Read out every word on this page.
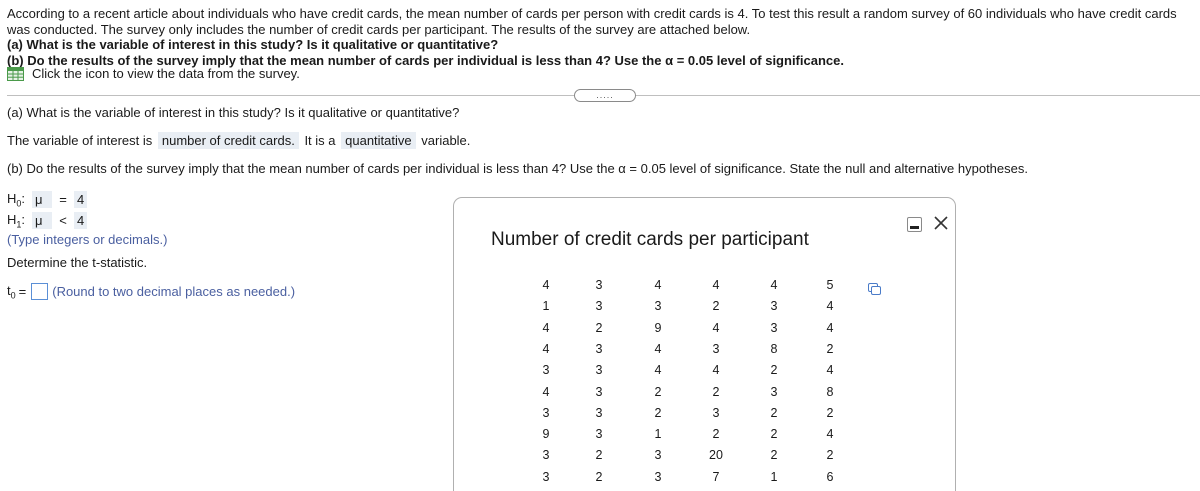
According to a recent article about individuals who have credit cards, the mean number of cards per person with credit cards is 4. To test this result a random survey of 60 individuals who have credit cards was conducted. The survey only includes the number of credit cards per participant. The results of the survey are attached below.
(a) What is the variable of interest in this study? Is it qualitative or quantitative?
(b) Do the results of the survey imply that the mean number of cards per individual is less than 4? Use the α = 0.05 level of significance.
Click the icon to view the data from the survey.
.....
(a) What is the variable of interest in this study? Is it qualitative or quantitative?
The variable of interest is number of credit cards. It is a quantitative variable.
(b) Do the results of the survey imply that the mean number of cards per individual is less than 4? Use the α = 0.05 level of significance. State the null and alternative hypotheses.
$H_0$: μ	= 4
$H_1$: μ	< 4
(Type integers or decimals.)
Determine the t-statistic.
$t_0$ = (Round to two decimal places as needed.)
Number of credit cards per participant
4
1
4
4
3
4
3
9
3
3
3
3
2
3
3
3
3
3
2
2
4
3
9
4
4
2
2
1
3
3
4
2
4
3
4
2
3
2
20
7
4
3
3
8
2
3
2
2
2
1
5
4
4
2
4
8
2
4
2
6
